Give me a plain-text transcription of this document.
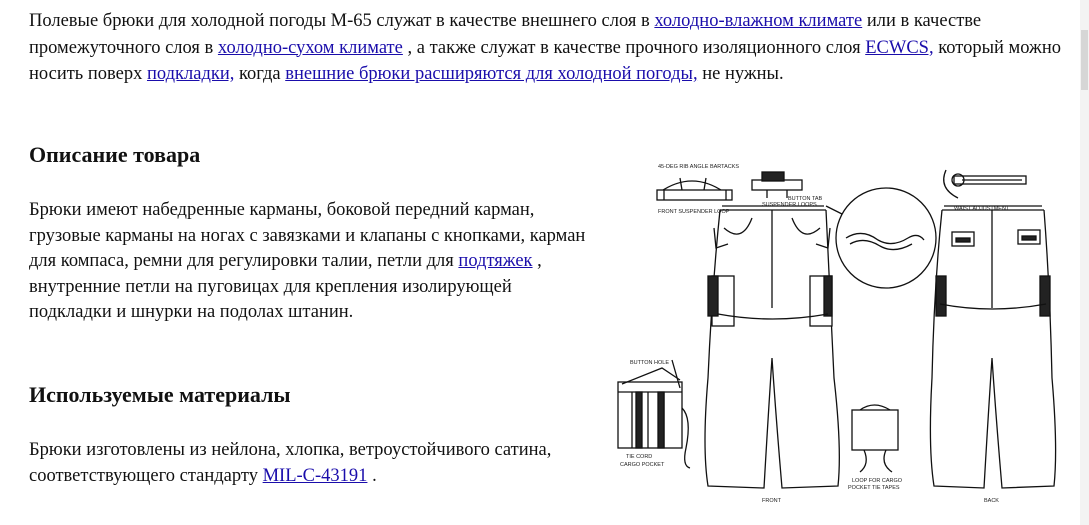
Полевые брюки для холодной погоды М-65 служат в качестве внешнего слоя в холодно-влажном климате или в качестве промежуточного слоя в холодно-сухом климате , а также служат в качестве прочного изоляционного слоя ECWCS, который можно носить поверх подкладки, когда внешние брюки расширяются для холодной погоды, не нужны.

Описание товара

Брюки имеют набедренные карманы, боковой передний карман, грузовые карманы на ногах с завязками и клапаны с кнопками, карман для компаса, ремни для регулировки талии, петли для подтяжек , внутренние петли на пуговицах для крепления изолирующей подкладки и шнурки на подолах штанин.

Используемые материалы

Брюки изготовлены из нейлона, хлопка, ветроустойчивого сатина, соответствующего стандарту MIL-C-43191 .

45-DEG RIB ANGLE BARTACKS
FRONT SUSPENDER LOOP
BUTTON TAB
SUSPENDER LOOPS
WAIST ADJUSTMENT
BUTTON HOLE
TIE CORD
CARGO POCKET
LOOP FOR CARGO
POCKET TIE TAPES
FRONT	BACK
